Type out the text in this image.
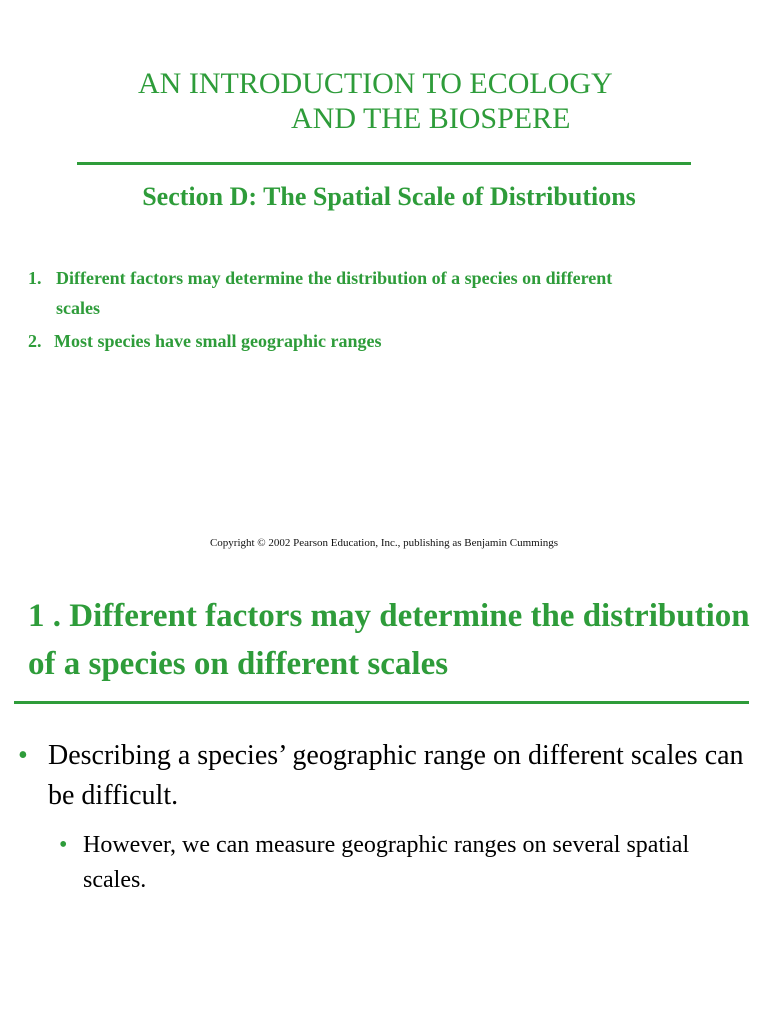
AN INTRODUCTION TO ECOLOGY
AND THE BIOSPERE
Section D: The Spatial Scale of Distributions
1. Different factors may determine the distribution of a species on different
scales
2. Most species have small geographic ranges
Copyright © 2002 Pearson Education, Inc., publishing as Benjamin Cummings
1 . Different factors may determine the distribution of a species on different scales
• Describing a species’ geographic range on different scales can be difficult.
• However, we can measure geographic ranges on several spatial scales.
